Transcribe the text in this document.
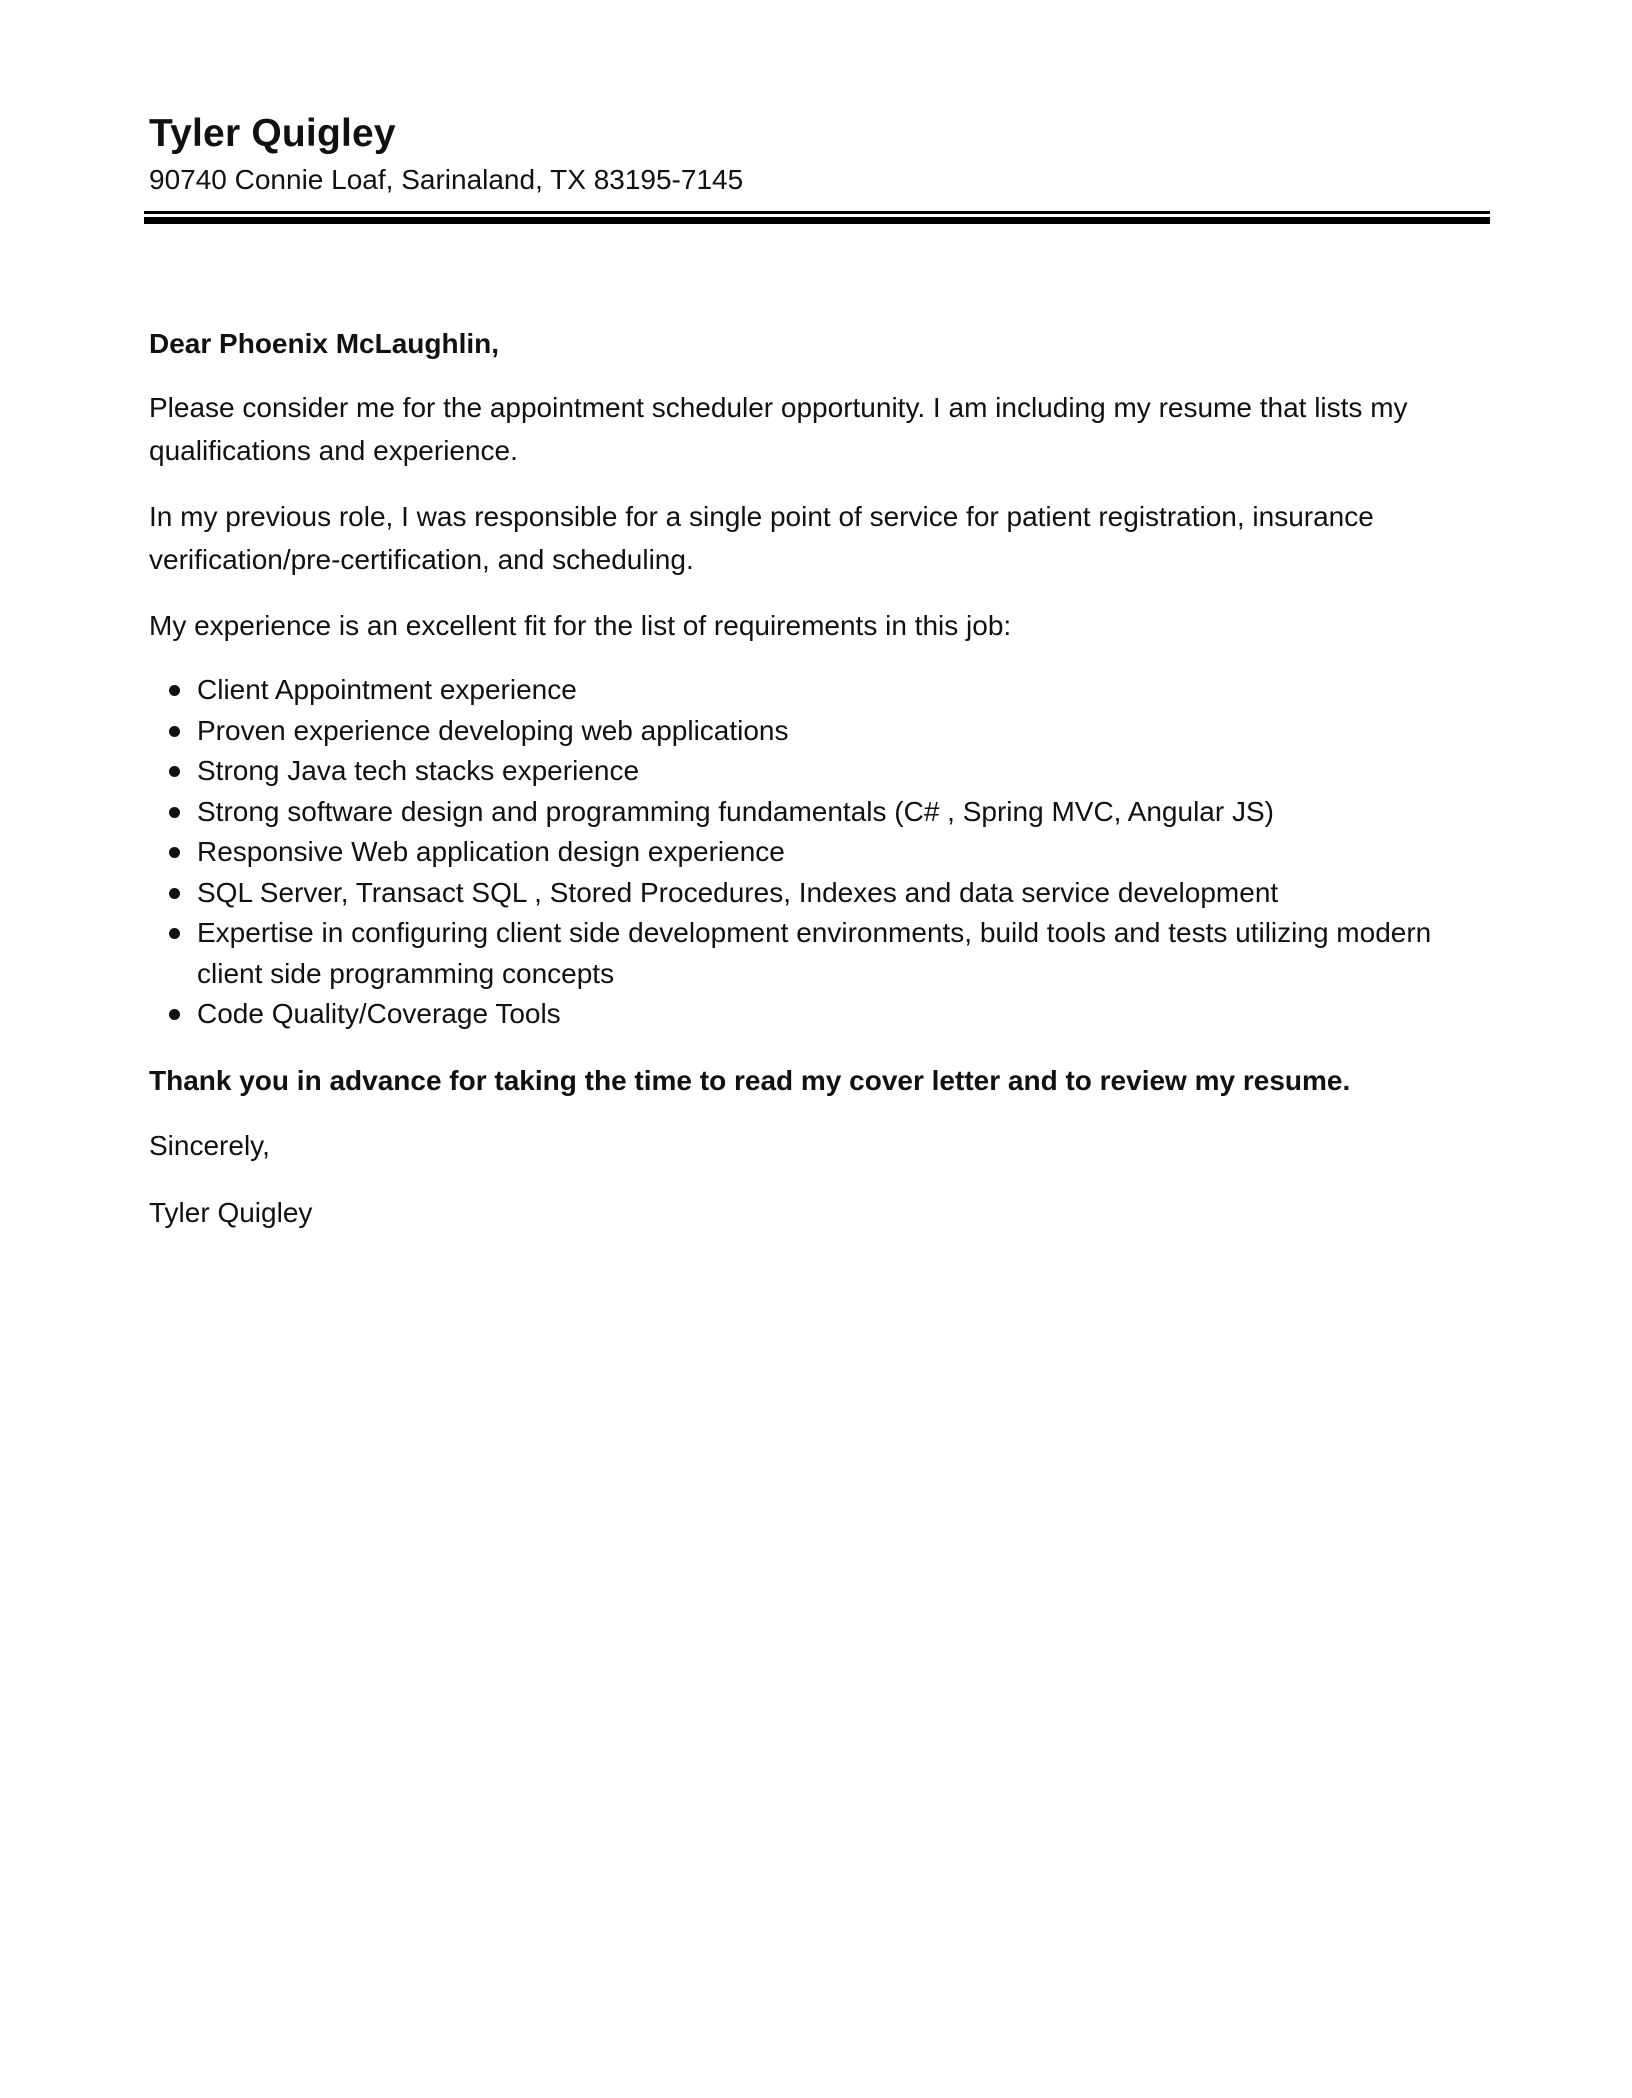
Tyler Quigley

90740 Connie Loaf, Sarinaland, TX 83195-7145

Dear Phoenix McLaughlin,

Please consider me for the appointment scheduler opportunity. I am including my resume that lists my qualifications and experience.

In my previous role, I was responsible for a single point of service for patient registration, insurance verification/pre-certification, and scheduling.

My experience is an excellent fit for the list of requirements in this job:

Client Appointment experience
Proven experience developing web applications
Strong Java tech stacks experience
Strong software design and programming fundamentals (C# , Spring MVC, Angular JS)
Responsive Web application design experience
SQL Server, Transact SQL , Stored Procedures, Indexes and data service development
Expertise in configuring client side development environments, build tools and tests utilizing modern client side programming concepts
Code Quality/Coverage Tools

Thank you in advance for taking the time to read my cover letter and to review my resume.

Sincerely,

Tyler Quigley
